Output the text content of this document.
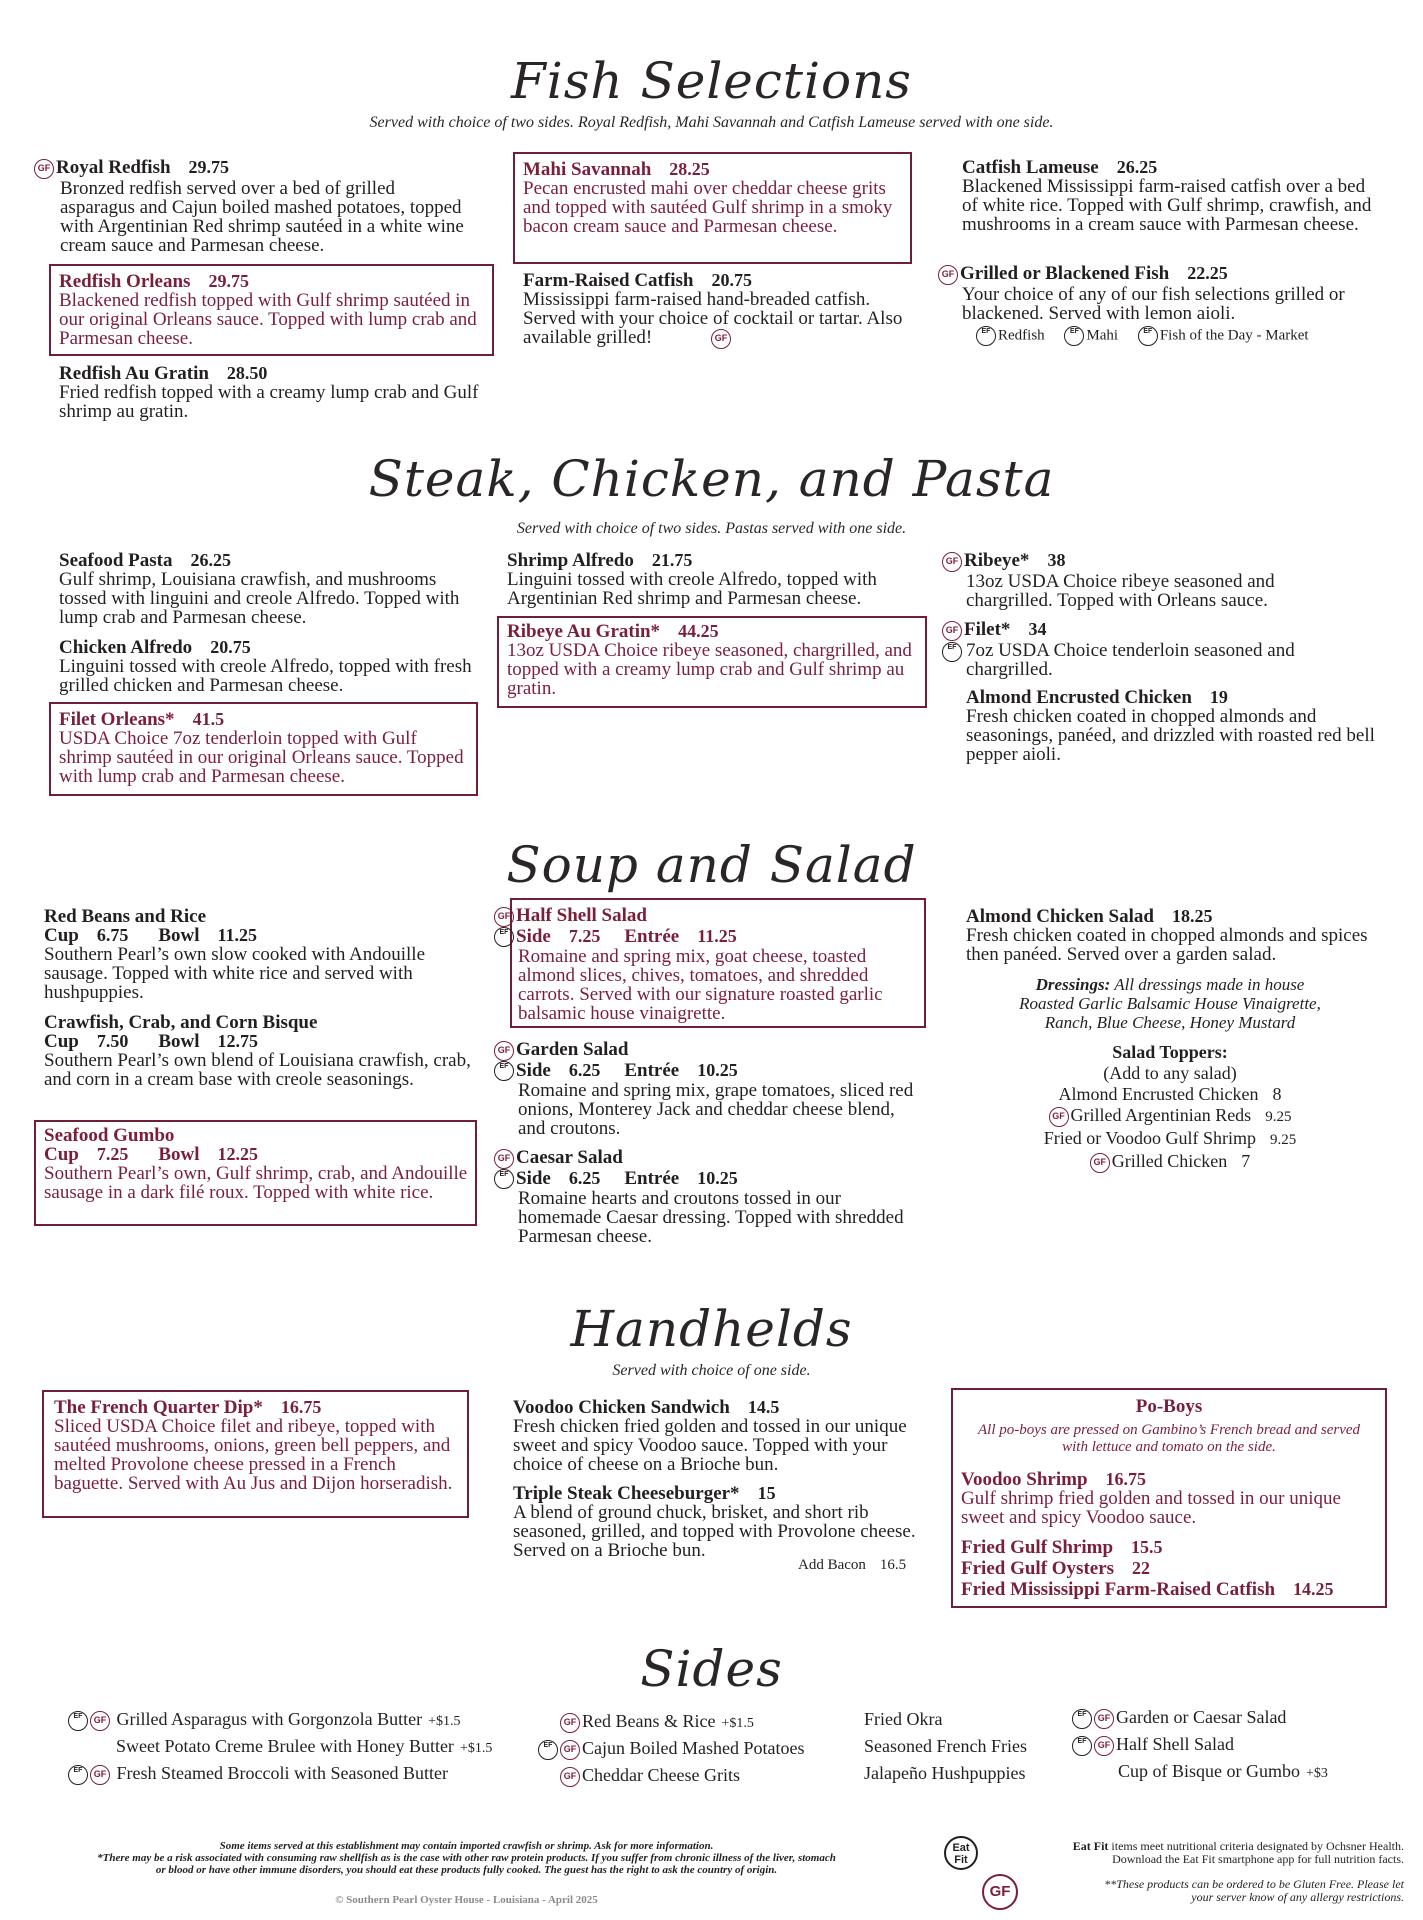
Fish Selections
Served with choice of two sides. Royal Redfish, Mahi Savannah and Catfish Lameuse served with one side.
GF Royal Redfish 29.75
Bronzed redfish served over a bed of grilled asparagus and Cajun boiled mashed potatoes, topped with Argentinian Red shrimp sautéed in a white wine cream sauce and Parmesan cheese.
Redfish Orleans 29.75
Blackened redfish topped with Gulf shrimp sautéed in our original Orleans sauce. Topped with lump crab and Parmesan cheese.
Redfish Au Gratin 28.50
Fried redfish topped with a creamy lump crab and Gulf shrimp au gratin.
Mahi Savannah 28.25
Pecan encrusted mahi over cheddar cheese grits and topped with sautéed Gulf shrimp in a smoky bacon cream sauce and Parmesan cheese.
Farm-Raised Catfish 20.75
Mississippi farm-raised hand-breaded catfish. Served with your choice of cocktail or tartar. Also available grilled!	GF
Catfish Lameuse 26.25
Blackened Mississippi farm-raised catfish over a bed of white rice. Topped with Gulf shrimp, crawfish, and mushrooms in a cream sauce with Parmesan cheese.
GF Grilled or Blackened Fish 22.25
Your choice of any of our fish selections grilled or blackened. Served with lemon aioli.
EF Redfish	EF Mahi	EF Fish of the Day - Market
Steak, Chicken, and Pasta
Served with choice of two sides. Pastas served with one side.
Seafood Pasta 26.25
Gulf shrimp, Louisiana crawfish, and mushrooms tossed with linguini and creole Alfredo. Topped with lump crab and Parmesan cheese.
Chicken Alfredo 20.75
Linguini tossed with creole Alfredo, topped with fresh grilled chicken and Parmesan cheese.
Filet Orleans* 41.5
USDA Choice 7oz tenderloin topped with Gulf shrimp sautéed in our original Orleans sauce. Topped with lump crab and Parmesan cheese.
Shrimp Alfredo 21.75
Linguini tossed with creole Alfredo, topped with Argentinian Red shrimp and Parmesan cheese.
Ribeye Au Gratin* 44.25
13oz USDA Choice ribeye seasoned, chargrilled, and topped with a creamy lump crab and Gulf shrimp au gratin.
GF Ribeye* 38
13oz USDA Choice ribeye seasoned and chargrilled. Topped with Orleans sauce.
GF Filet* 34
7oz USDA Choice tenderloin seasoned and chargrilled.
EF
Almond Encrusted Chicken 19
Fresh chicken coated in chopped almonds and seasonings, panéed, and drizzled with roasted red bell pepper aioli.
Soup and Salad
Red Beans and Rice
Cup 6.75 Bowl 11.25
Southern Pearl’s own slow cooked with Andouille sausage. Topped with white rice and served with hushpuppies.
Crawfish, Crab, and Corn Bisque
Cup 7.50 Bowl 12.75
Southern Pearl’s own blend of Louisiana crawfish, crab, and corn in a cream base with creole seasonings.
Seafood Gumbo
Cup 7.25 Bowl 12.25
Southern Pearl’s own, Gulf shrimp, crab, and Andouille sausage in a dark filé roux. Topped with white rice.
GF Half Shell Salad
EF Side 7.25 Entrée 11.25
Romaine and spring mix, goat cheese, toasted almond slices, chives, tomatoes, and shredded carrots. Served with our signature roasted garlic balsamic house vinaigrette.
GF Garden Salad
EF Side 6.25 Entrée 10.25
Romaine and spring mix, grape tomatoes, sliced red onions, Monterey Jack and cheddar cheese blend, and croutons.
GF Caesar Salad
EF Side 6.25 Entrée 10.25
Romaine hearts and croutons tossed in our homemade Caesar dressing. Topped with shredded Parmesan cheese.
Almond Chicken Salad 18.25
Fresh chicken coated in chopped almonds and spices then panéed. Served over a garden salad.
Dressings: All dressings made in house
Roasted Garlic Balsamic House Vinaigrette,
Ranch, Blue Cheese, Honey Mustard
Salad Toppers:
(Add to any salad)
Almond Encrusted Chicken 8
GF Grilled Argentinian Reds 9.25
Fried or Voodoo Gulf Shrimp 9.25
GF Grilled Chicken 7
Handhelds
Served with choice of one side.
The French Quarter Dip* 16.75
Sliced USDA Choice filet and ribeye, topped with sautéed mushrooms, onions, green bell peppers, and melted Provolone cheese pressed in a French baguette. Served with Au Jus and Dijon horseradish.
Voodoo Chicken Sandwich 14.5
Fresh chicken fried golden and tossed in our unique sweet and spicy Voodoo sauce. Topped with your choice of cheese on a Brioche bun.
Triple Steak Cheeseburger* 15
A blend of ground chuck, brisket, and short rib seasoned, grilled, and topped with Provolone cheese. Served on a Brioche bun.
Add Bacon 16.5
Po-Boys
All po-boys are pressed on Gambino’s French bread and served with lettuce and tomato on the side.
Voodoo Shrimp 16.75
Gulf shrimp fried golden and tossed in our unique sweet and spicy Voodoo sauce.
Fried Gulf Shrimp 15.5
Fried Gulf Oysters 22
Fried Mississippi Farm-Raised Catfish 14.25
Sides
EF GF Grilled Asparagus with Gorgonzola Butter +$1.5
Sweet Potato Creme Brulee with Honey Butter +$1.5
EF GF Fresh Steamed Broccoli with Seasoned Butter
GF Red Beans & Rice +$1.5
EF GF Cajun Boiled Mashed Potatoes
GF Cheddar Cheese Grits
Fried Okra
Seasoned French Fries
Jalapeño Hushpuppies
EF GF Garden or Caesar Salad
EF GF Half Shell Salad
Cup of Bisque or Gumbo +$3
Some items served at this establishment may contain imported crawfish or shrimp. Ask for more information.
*There may be a risk associated with consuming raw shellfish as is the case with other raw protein products. If you suffer from chronic illness of the liver, stomach
or blood or have other immune disorders, you should eat these products fully cooked. The guest has the right to ask the country of origin.
© Southern Pearl Oyster House - Louisiana - April 2025
Eat Fit
Eat Fit items meet nutritional criteria designated by Ochsner Health.
Download the Eat Fit smartphone app for full nutrition facts.
GF	**These products can be ordered to be Gluten Free. Please let
your server know of any allergy restrictions.
